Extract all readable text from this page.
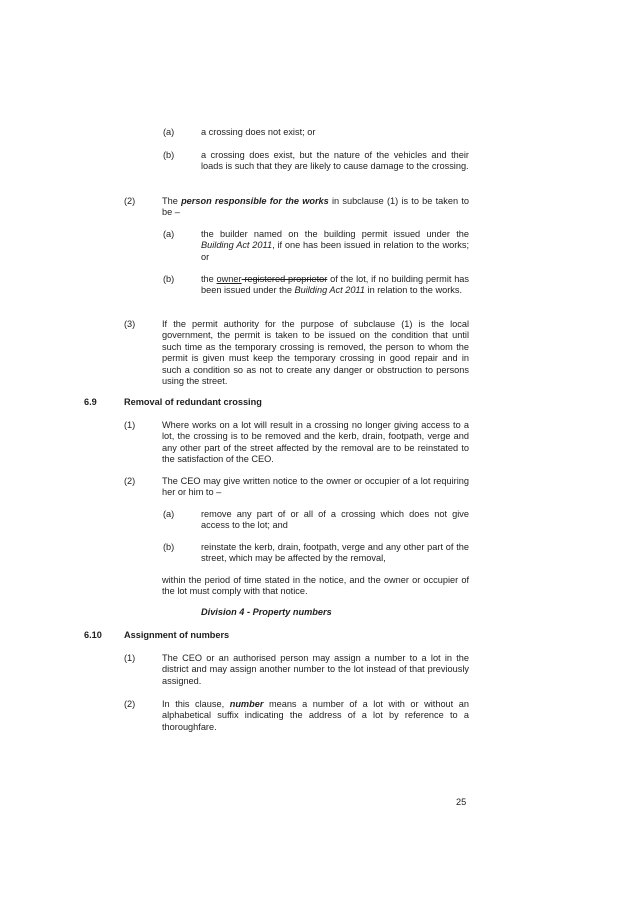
(a)	a crossing does not exist; or
(b)	a crossing does exist, but the nature of the vehicles and their loads is such that they are likely to cause damage to the crossing.
(2)	The person responsible for the works in subclause (1) is to be taken to be –
(a)	the builder named on the building permit issued under the Building Act 2011, if one has been issued in relation to the works; or
(b)	the owner registered proprietor of the lot, if no building permit has been issued under the Building Act 2011 in relation to the works.
(3)	If the permit authority for the purpose of subclause (1) is the local government, the permit is taken to be issued on the condition that until such time as the temporary crossing is removed, the person to whom the permit is given must keep the temporary crossing in good repair and in such a condition so as not to create any danger or obstruction to persons using the street.
6.9	Removal of redundant crossing
(1)	Where works on a lot will result in a crossing no longer giving access to a lot, the crossing is to be removed and the kerb, drain, footpath, verge and any other part of the street affected by the removal are to be reinstated to the satisfaction of the CEO.
(2)	The CEO may give written notice to the owner or occupier of a lot requiring her or him to –
(a)	remove any part of or all of a crossing which does not give access to the lot; and
(b)	reinstate the kerb, drain, footpath, verge and any other part of the street, which may be affected by the removal,
within the period of time stated in the notice, and the owner or occupier of the lot must comply with that notice.
Division 4 - Property numbers
6.10 Assignment of numbers
(1)	The CEO or an authorised person may assign a number to a lot in the district and may assign another number to the lot instead of that previously assigned.
(2)	In this clause, number means a number of a lot with or without an alphabetical suffix indicating the address of a lot by reference to a thoroughfare.
25
